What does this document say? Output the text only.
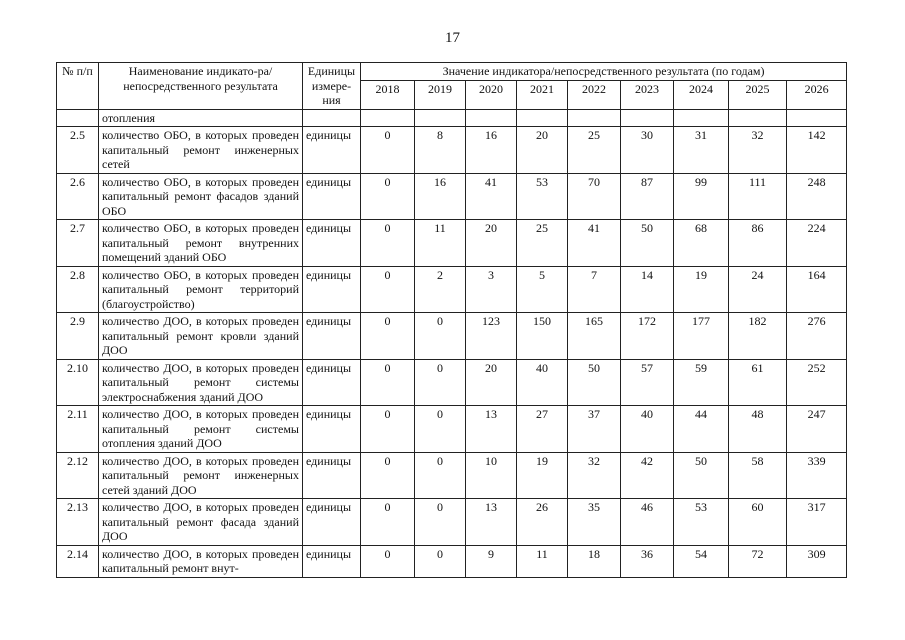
17
№ п/п	Наименование индикато-ра/непосредственного результата	Единицы измере-ния	Значение индикатора/непосредственного результата (по годам)								
			2018	2019	2020	2021	2022	2023	2024	2025	2026
	отопления										
2.5	количество ОБО, в которых проведен капитальный ремонт инженерных сетей	единицы	0	8	16	20	25	30	31	32	142
2.6	количество ОБО, в которых проведен капитальный ремонт фасадов зданий ОБО	единицы	0	16	41	53	70	87	99	111	248
2.7	количество ОБО, в которых проведен капитальный ремонт внутренних помещений зданий ОБО	единицы	0	11	20	25	41	50	68	86	224
2.8	количество ОБО, в которых проведен капитальный ремонт территорий (благоустройство)	единицы	0	2	3	5	7	14	19	24	164
2.9	количество ДОО, в которых проведен капитальный ремонт кровли зданий ДОО	единицы	0	0	123	150	165	172	177	182	276
2.10	количество ДОО, в которых проведен капитальный ремонт системы электроснабжения зданий ДОО	единицы	0	0	20	40	50	57	59	61	252
2.11	количество ДОО, в которых проведен капитальный ремонт системы отопления зданий ДОО	единицы	0	0	13	27	37	40	44	48	247
2.12	количество ДОО, в которых проведен капитальный ремонт инженерных сетей зданий ДОО	единицы	0	0	10	19	32	42	50	58	339
2.13	количество ДОО, в которых проведен капитальный ремонт фасада зданий ДОО	единицы	0	0	13	26	35	46	53	60	317
2.14	количество ДОО, в которых проведен капитальный ремонт внут-	единицы	0	0	9	11	18	36	54	72	309
